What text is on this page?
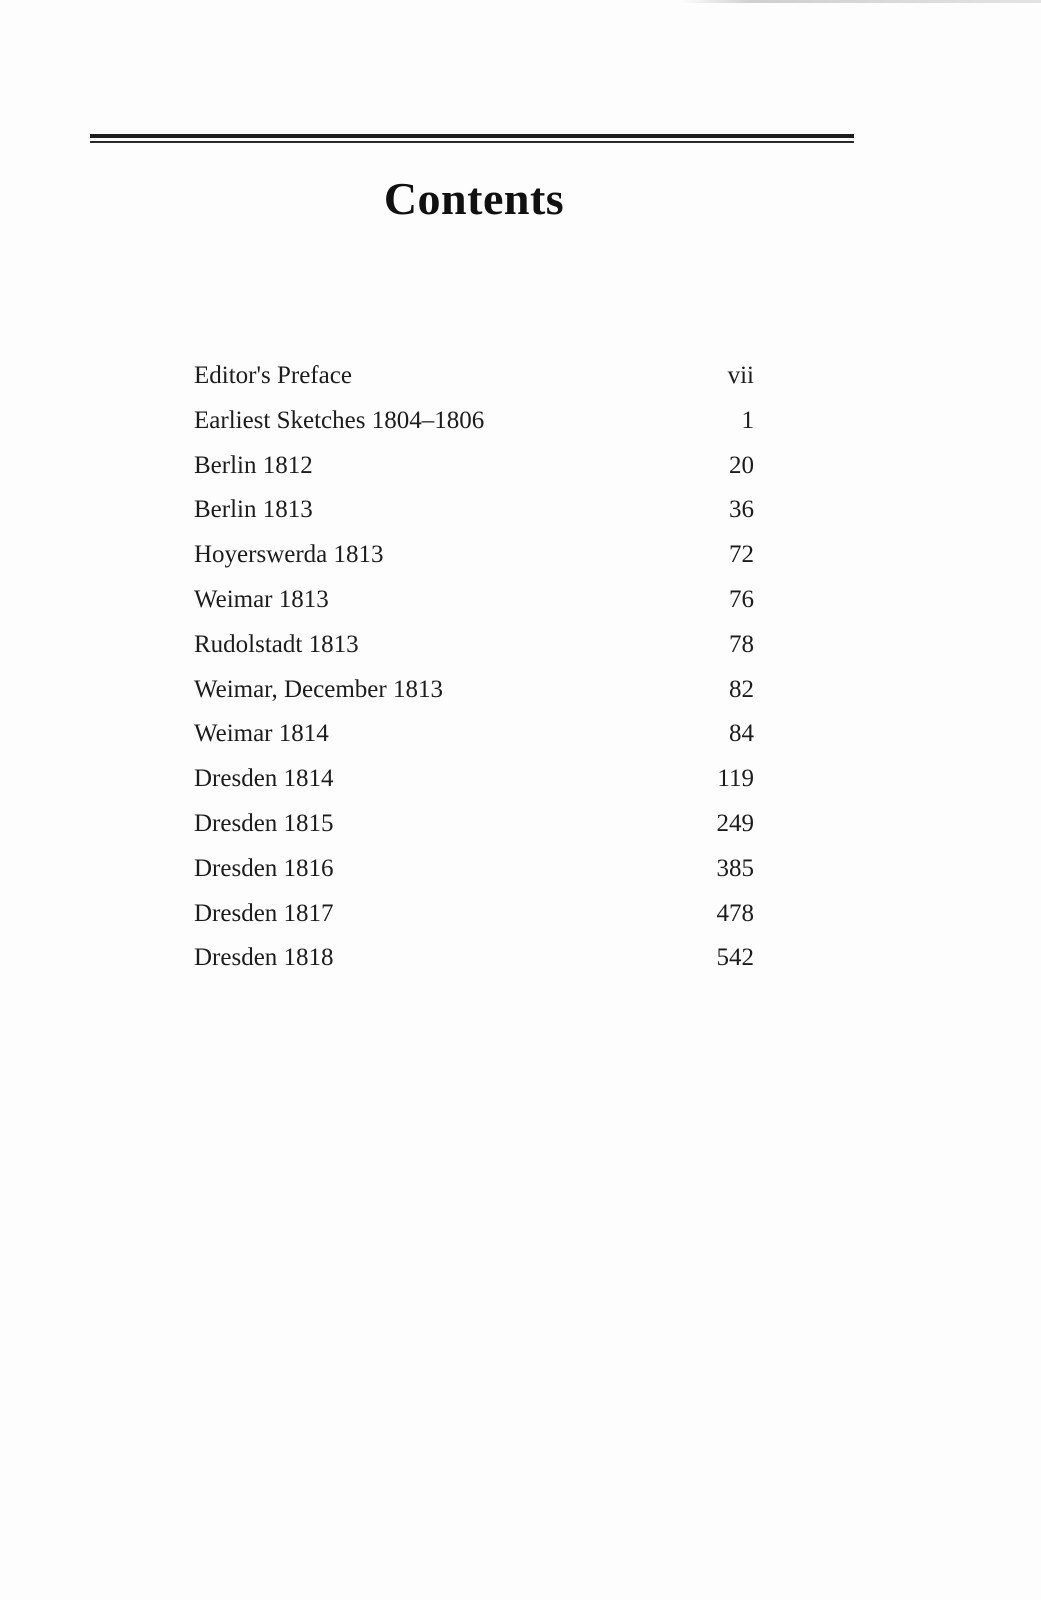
Contents
Editor's Preface	vii
Earliest Sketches 1804–1806	1
Berlin 1812	20
Berlin 1813	36
Hoyerswerda 1813	72
Weimar 1813	76
Rudolstadt 1813	78
Weimar, December 1813	82
Weimar 1814	84
Dresden 1814	119
Dresden 1815	249
Dresden 1816	385
Dresden 1817	478
Dresden 1818	542
